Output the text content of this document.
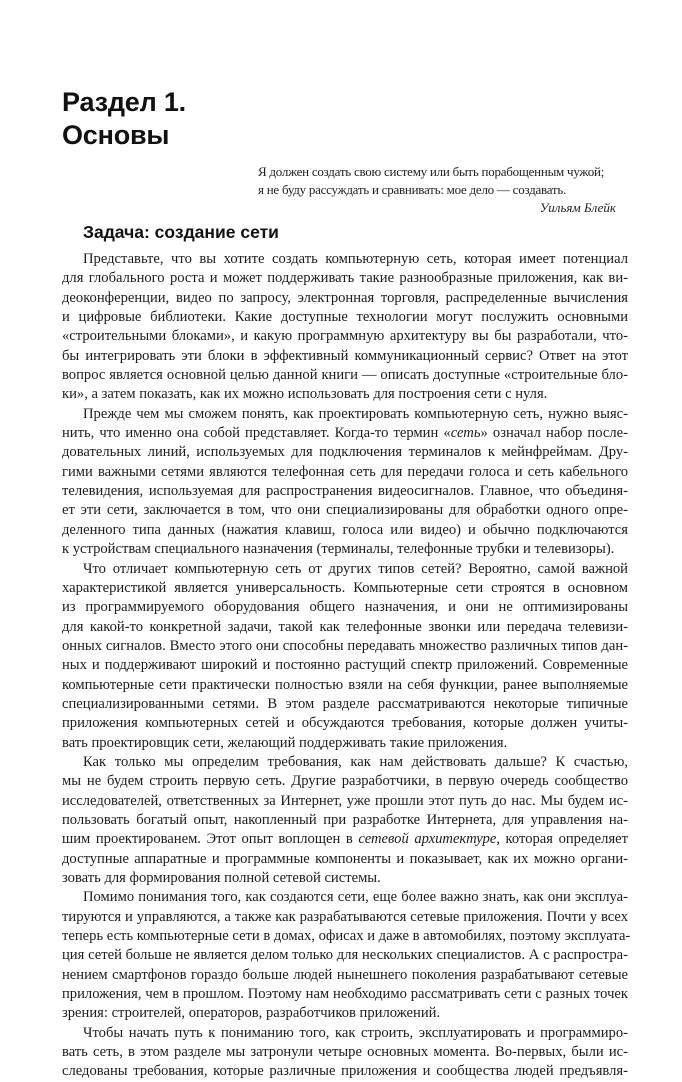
Раздел 1.
Основы
Я должен создать свою систему или быть порабощенным чужой;
я не буду рассуждать и сравнивать: мое дело — создавать.
Уильям Блейк
Задача: создание сети
Представьте, что вы хотите создать компьютерную сеть, которая имеет потенциал
для глобального роста и может поддерживать такие разнообразные приложения, как ви-
деоконференции, видео по запросу, электронная торговля, распределенные вычисления
и цифровые библиотеки. Какие доступные технологии могут послужить основными
«строительными блоками», и какую программную архитектуру вы бы разработали, что-
бы интегрировать эти блоки в эффективный коммуникационный сервис? Ответ на этот
вопрос является основной целью данной книги — описать доступные «строительные бло-
ки», а затем показать, как их можно использовать для построения сети с нуля.
Прежде чем мы сможем понять, как проектировать компьютерную сеть, нужно выяс-
нить, что именно она собой представляет. Когда-то термин «сеть» означал набор после-
довательных линий, используемых для подключения терминалов к мейнфреймам. Дру-
гими важными сетями являются телефонная сеть для передачи голоса и сеть кабельного
телевидения, используемая для распространения видеосигналов. Главное, что объединя-
ет эти сети, заключается в том, что они специализированы для обработки одного опре-
деленного типа данных (нажатия клавиш, голоса или видео) и обычно подключаются
к устройствам специального назначения (терминалы, телефонные трубки и телевизоры).
Что отличает компьютерную сеть от других типов сетей? Вероятно, самой важной
характеристикой является универсальность. Компьютерные сети строятся в основном
из программируемого оборудования общего назначения, и они не оптимизированы
для какой-то конкретной задачи, такой как телефонные звонки или передача телевизи-
онных сигналов. Вместо этого они способны передавать множество различных типов дан-
ных и поддерживают широкий и постоянно растущий спектр приложений. Современные
компьютерные сети практически полностью взяли на себя функции, ранее выполняемые
специализированными сетями. В этом разделе рассматриваются некоторые типичные
приложения компьютерных сетей и обсуждаются требования, которые должен учиты-
вать проектировщик сети, желающий поддерживать такие приложения.
Как только мы определим требования, как нам действовать дальше? К счастью,
мы не будем строить первую сеть. Другие разработчики, в первую очередь сообщество
исследователей, ответственных за Интернет, уже прошли этот путь до нас. Мы будем ис-
пользовать богатый опыт, накопленный при разработке Интернета, для управления на-
шим проектированем. Этот опыт воплощен в сетевой архитектуре, которая определяет
доступные аппаратные и программные компоненты и показывает, как их можно органи-
зовать для формирования полной сетевой системы.
Помимо понимания того, как создаются сети, еще более важно знать, как они эксплуа-
тируются и управляются, а также как разрабатываются сетевые приложения. Почти у всех
теперь есть компьютерные сети в домах, офисах и даже в автомобилях, поэтому эксплуата-
ция сетей больше не является делом только для нескольких специалистов. А с распростра-
нением смартфонов гораздо больше людей нынешнего поколения разрабатывают сетевые
приложения, чем в прошлом. Поэтому нам необходимо рассматривать сети с разных точек
зрения: строителей, операторов, разработчиков приложений.
Чтобы начать путь к пониманию того, как строить, эксплуатировать и программиро-
вать сеть, в этом разделе мы затронули четыре основных момента. Во-первых, были ис-
следованы требования, которые различные приложения и сообщества людей предъявля-
